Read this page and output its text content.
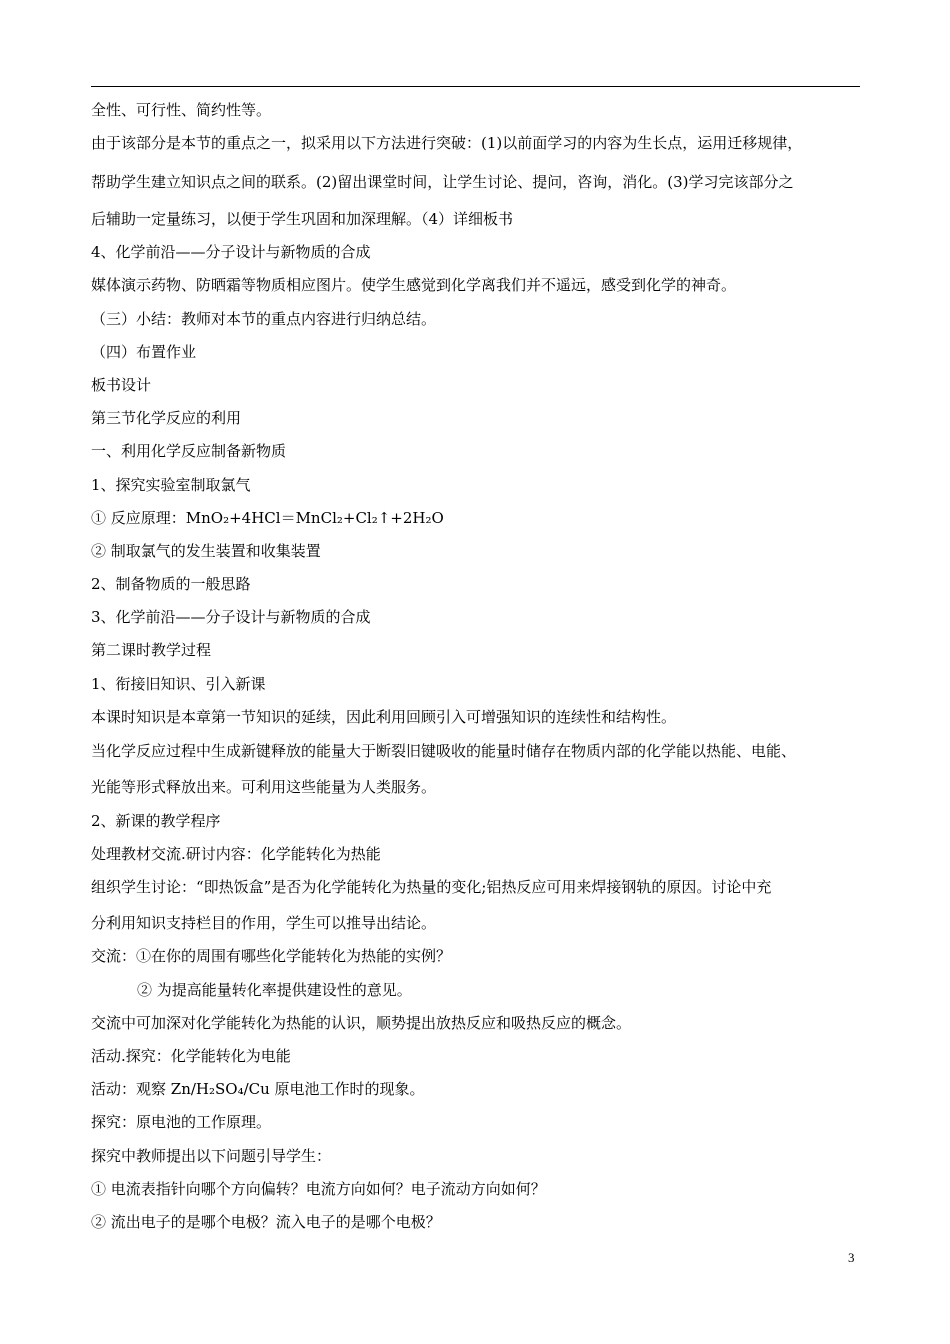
全性、可行性、简约性等。
由于该部分是本节的重点之一，拟采用以下方法进行突破：(1)以前面学习的内容为生长点，运用迁移规律，
帮助学生建立知识点之间的联系。(2)留出课堂时间，让学生讨论、提问，咨询，消化。(3)学习完该部分之
后辅助一定量练习，以便于学生巩固和加深理解。（4）详细板书
4、化学前沿——分子设计与新物质的合成
媒体演示药物、防晒霜等物质相应图片。使学生感觉到化学离我们并不遥远，感受到化学的神奇。
（三）小结：教师对本节的重点内容进行归纳总结。
（四）布置作业
板书设计
第三节化学反应的利用
一、利用化学反应制备新物质
1、探究实验室制取氯气
① 反应原理：MnO₂+4HCl＝MnCl₂+Cl₂↑+2H₂O
② 制取氯气的发生装置和收集装置
2、制备物质的一般思路
3、化学前沿——分子设计与新物质的合成
第二课时教学过程
1、衔接旧知识、引入新课
本课时知识是本章第一节知识的延续，因此利用回顾引入可增强知识的连续性和结构性。
当化学反应过程中生成新键释放的能量大于断裂旧键吸收的能量时储存在物质内部的化学能以热能、电能、
光能等形式释放出来。可利用这些能量为人类服务。
2、新课的教学程序
处理教材交流.研讨内容：化学能转化为热能
组织学生讨论：“即热饭盒”是否为化学能转化为热量的变化;铝热反应可用来焊接钢轨的原因。讨论中充
分利用知识支持栏目的作用，学生可以推导出结论。
交流：①在你的周围有哪些化学能转化为热能的实例？
② 为提高能量转化率提供建设性的意见。
交流中可加深对化学能转化为热能的认识，顺势提出放热反应和吸热反应的概念。
活动.探究：化学能转化为电能
活动：观察 Zn/H₂SO₄/Cu 原电池工作时的现象。
探究：原电池的工作原理。
探究中教师提出以下问题引导学生：
① 电流表指针向哪个方向偏转？电流方向如何？电子流动方向如何？
② 流出电子的是哪个电极？流入电子的是哪个电极？
3
